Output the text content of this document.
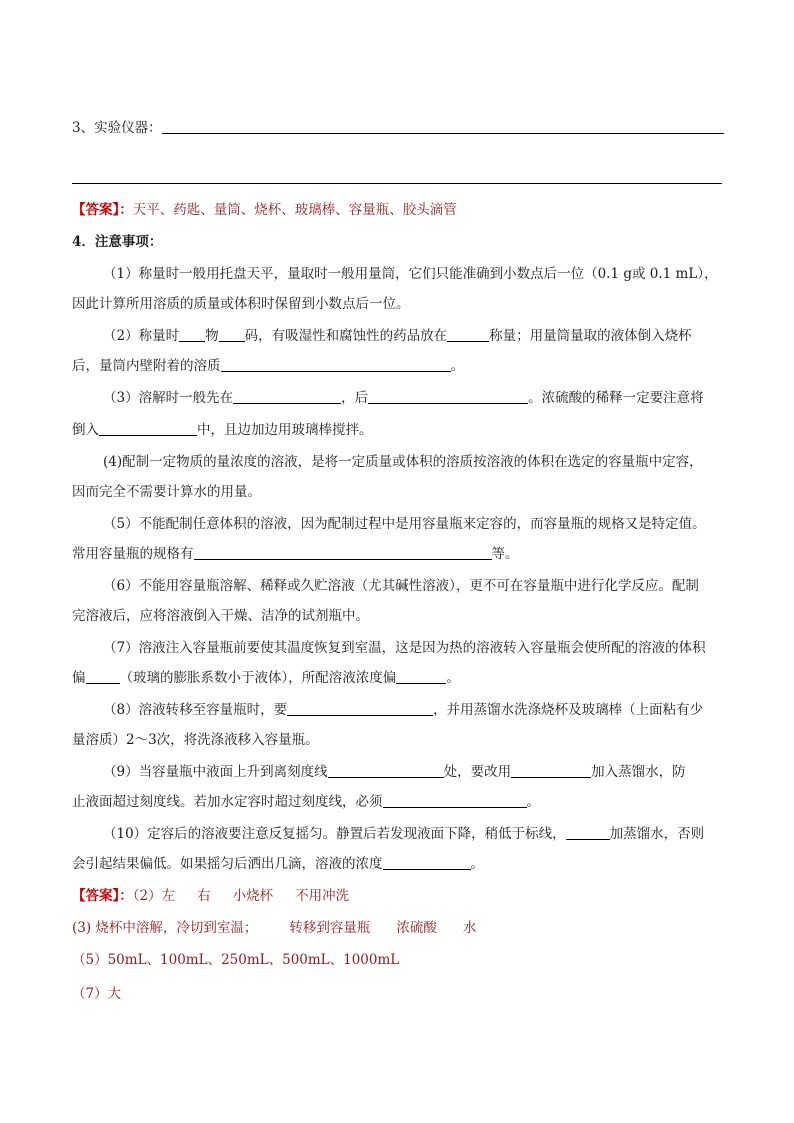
3、实验仪器：
【答案】：天平、药匙、量筒、烧杯、玻璃棒、容量瓶、胶头滴管
4．注意事项：
（1）称量时一般用托盘天平，量取时一般用量筒，它们只能准确到小数点后一位（0.1 g或 0.1 mL），
因此计算所用溶质的质量或体积时保留到小数点后一位。
（2）称量时 物 码，有吸湿性和腐蚀性的药品放在	称量；用量筒量取的液体倒入烧杯
后，量筒内壁附着的溶质	。
（3）溶解时一般先在	，后	。浓硫酸的稀释一定要注意将
倒入	中，且边加边用玻璃棒搅拌。
(4)配制一定物质的量浓度的溶液，是将一定质量或体积的溶质按溶液的体积在选定的容量瓶中定容，
因而完全不需要计算水的用量。
（5）不能配制任意体积的溶液，因为配制过程中是用容量瓶来定容的，而容量瓶的规格又是特定值。
常用容量瓶的规格有	等。
（6）不能用容量瓶溶解、稀释或久贮溶液（尤其碱性溶液），更不可在容量瓶中进行化学反应。配制
完溶液后，应将溶液倒入干燥、洁净的试剂瓶中。
（7）溶液注入容量瓶前要使其温度恢复到室温，这是因为热的溶液转入容量瓶会使所配的溶液的体积
偏	（玻璃的膨胀系数小于液体），所配溶液浓度偏	。
（8）溶液转移至容量瓶时，要	，并用蒸馏水洗涤烧杯及玻璃棒（上面粘有少
量溶质）2～3次，将洗涤液移入容量瓶。
（9）当容量瓶中液面上升到离刻度线	处，要改用	加入蒸馏水，防
止液面超过刻度线。若加水定容时超过刻度线，必须	。
（10）定容后的溶液要注意反复摇匀。静置后若发现液面下降，稍低于标线，	加蒸馏水，否则
会引起结果偏低。如果摇匀后洒出几滴，溶液的浓度	。
【答案】：（2）左 右 小烧杯 不用冲洗
(3) 烧杯中溶解，冷切到室温； 转移到容量瓶 浓硫酸 水
（5）50mL、100mL、250mL、500mL、1000mL
（7）大
